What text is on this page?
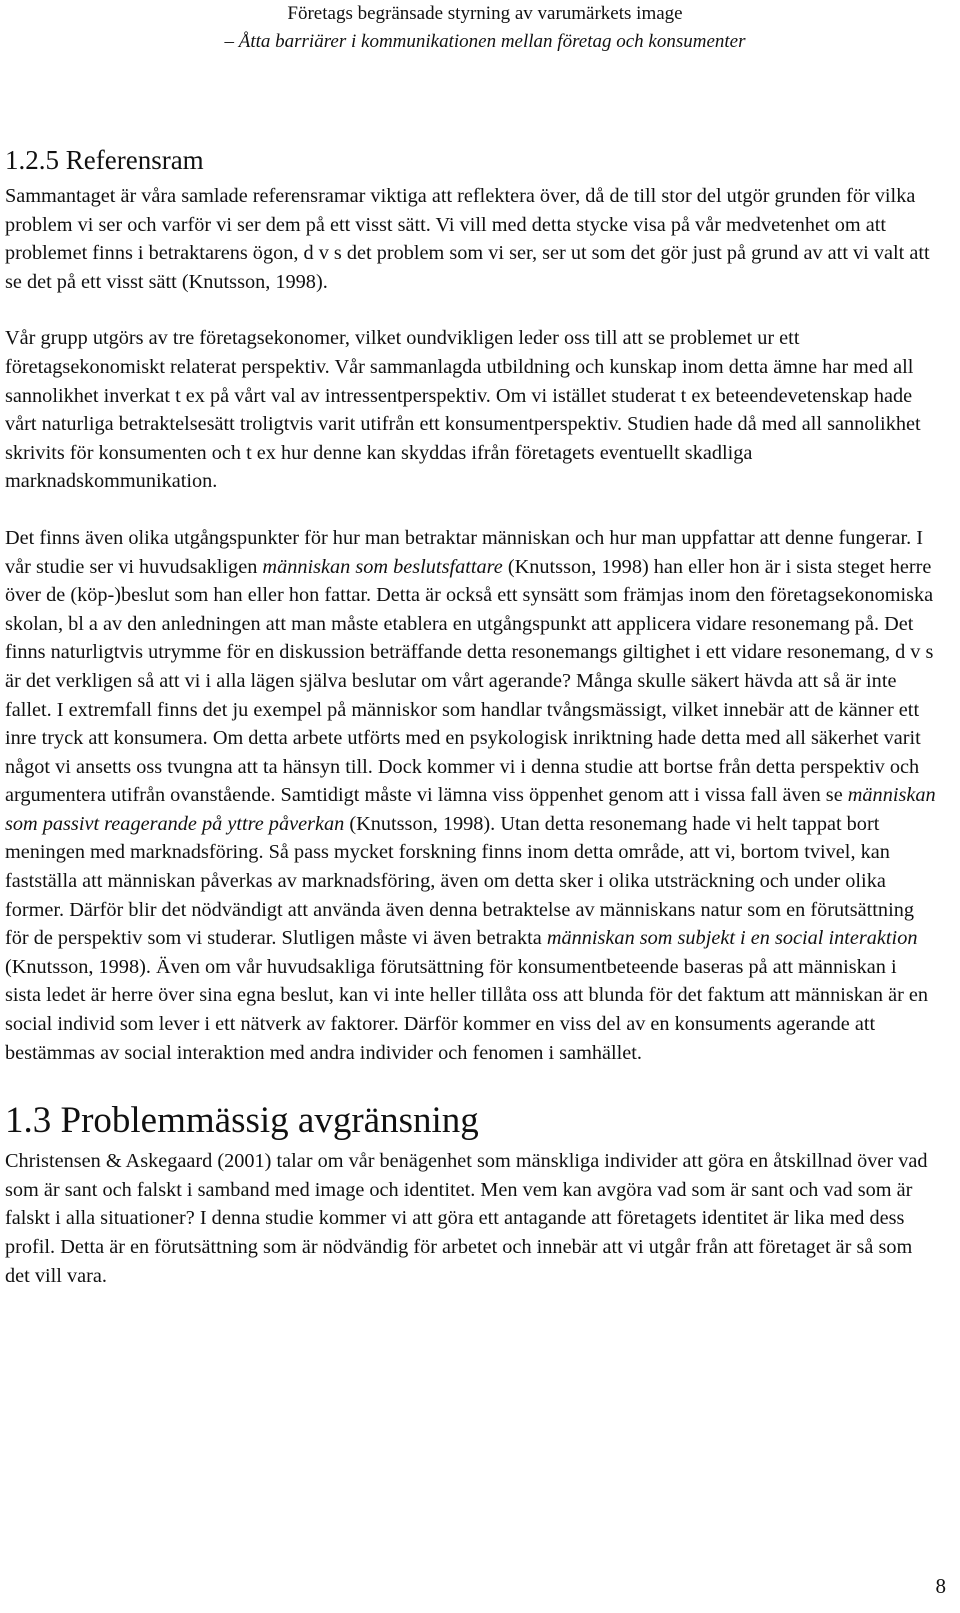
Företags begränsade styrning av varumärkets image
– Åtta barriärer i kommunikationen mellan företag och konsumenter
1.2.5 Referensram

Sammantaget är våra samlade referensramar viktiga att reflektera över, då de till stor del utgör grunden för vilka problem vi ser och varför vi ser dem på ett visst sätt. Vi vill med detta stycke visa på vår medvetenhet om att problemet finns i betraktarens ögon, d v s det problem som vi ser, ser ut som det gör just på grund av att vi valt att se det på ett visst sätt (Knutsson, 1998).

Vår grupp utgörs av tre företagsekonomer, vilket oundvikligen leder oss till att se problemet ur ett företagsekonomiskt relaterat perspektiv. Vår sammanlagda utbildning och kunskap inom detta ämne har med all sannolikhet inverkat t ex på vårt val av intressentperspektiv. Om vi istället studerat t ex beteendevetenskap hade vårt naturliga betraktelsesätt troligtvis varit utifrån ett konsumentperspektiv. Studien hade då med all sannolikhet skrivits för konsumenten och t ex hur denne kan skyddas ifrån företagets eventuellt skadliga marknadskommunikation.

Det finns även olika utgångspunkter för hur man betraktar människan och hur man uppfattar att denne fungerar. I vår studie ser vi huvudsakligen människan som beslutsfattare (Knutsson, 1998) han eller hon är i sista steget herre över de (köp-)beslut som han eller hon fattar. Detta är också ett synsätt som främjas inom den företagsekonomiska skolan, bl a av den anledningen att man måste etablera en utgångspunkt att applicera vidare resonemang på. Det finns naturligtvis utrymme för en diskussion beträffande detta resonemangs giltighet i ett vidare resonemang, d v s är det verkligen så att vi i alla lägen själva beslutar om vårt agerande? Många skulle säkert hävda att så är inte fallet. I extremfall finns det ju exempel på människor som handlar tvångsmässigt, vilket innebär att de känner ett inre tryck att konsumera. Om detta arbete utförts med en psykologisk inriktning hade detta med all säkerhet varit något vi ansetts oss tvungna att ta hänsyn till. Dock kommer vi i denna studie att bortse från detta perspektiv och argumentera utifrån ovanstående. Samtidigt måste vi lämna viss öppenhet genom att i vissa fall även se människan som passivt reagerande på yttre påverkan (Knutsson, 1998). Utan detta resonemang hade vi helt tappat bort meningen med marknadsföring. Så pass mycket forskning finns inom detta område, att vi, bortom tvivel, kan fastställa att människan påverkas av marknadsföring, även om detta sker i olika utsträckning och under olika former. Därför blir det nödvändigt att använda även denna betraktelse av människans natur som en förutsättning för de perspektiv som vi studerar. Slutligen måste vi även betrakta människan som subjekt i en social interaktion (Knutsson, 1998). Även om vår huvudsakliga förutsättning för konsumentbeteende baseras på att människan i sista ledet är herre över sina egna beslut, kan vi inte heller tillåta oss att blunda för det faktum att människan är en social individ som lever i ett nätverk av faktorer. Därför kommer en viss del av en konsuments agerande att bestämmas av social interaktion med andra individer och fenomen i samhället.

1.3 Problemmässig avgränsning

Christensen & Askegaard (2001) talar om vår benägenhet som mänskliga individer att göra en åtskillnad över vad som är sant och falskt i samband med image och identitet. Men vem kan avgöra vad som är sant och vad som är falskt i alla situationer? I denna studie kommer vi att göra ett antagande att företagets identitet är lika med dess profil. Detta är en förutsättning som är nödvändig för arbetet och innebär att vi utgår från att företaget är så som det vill vara.

8
